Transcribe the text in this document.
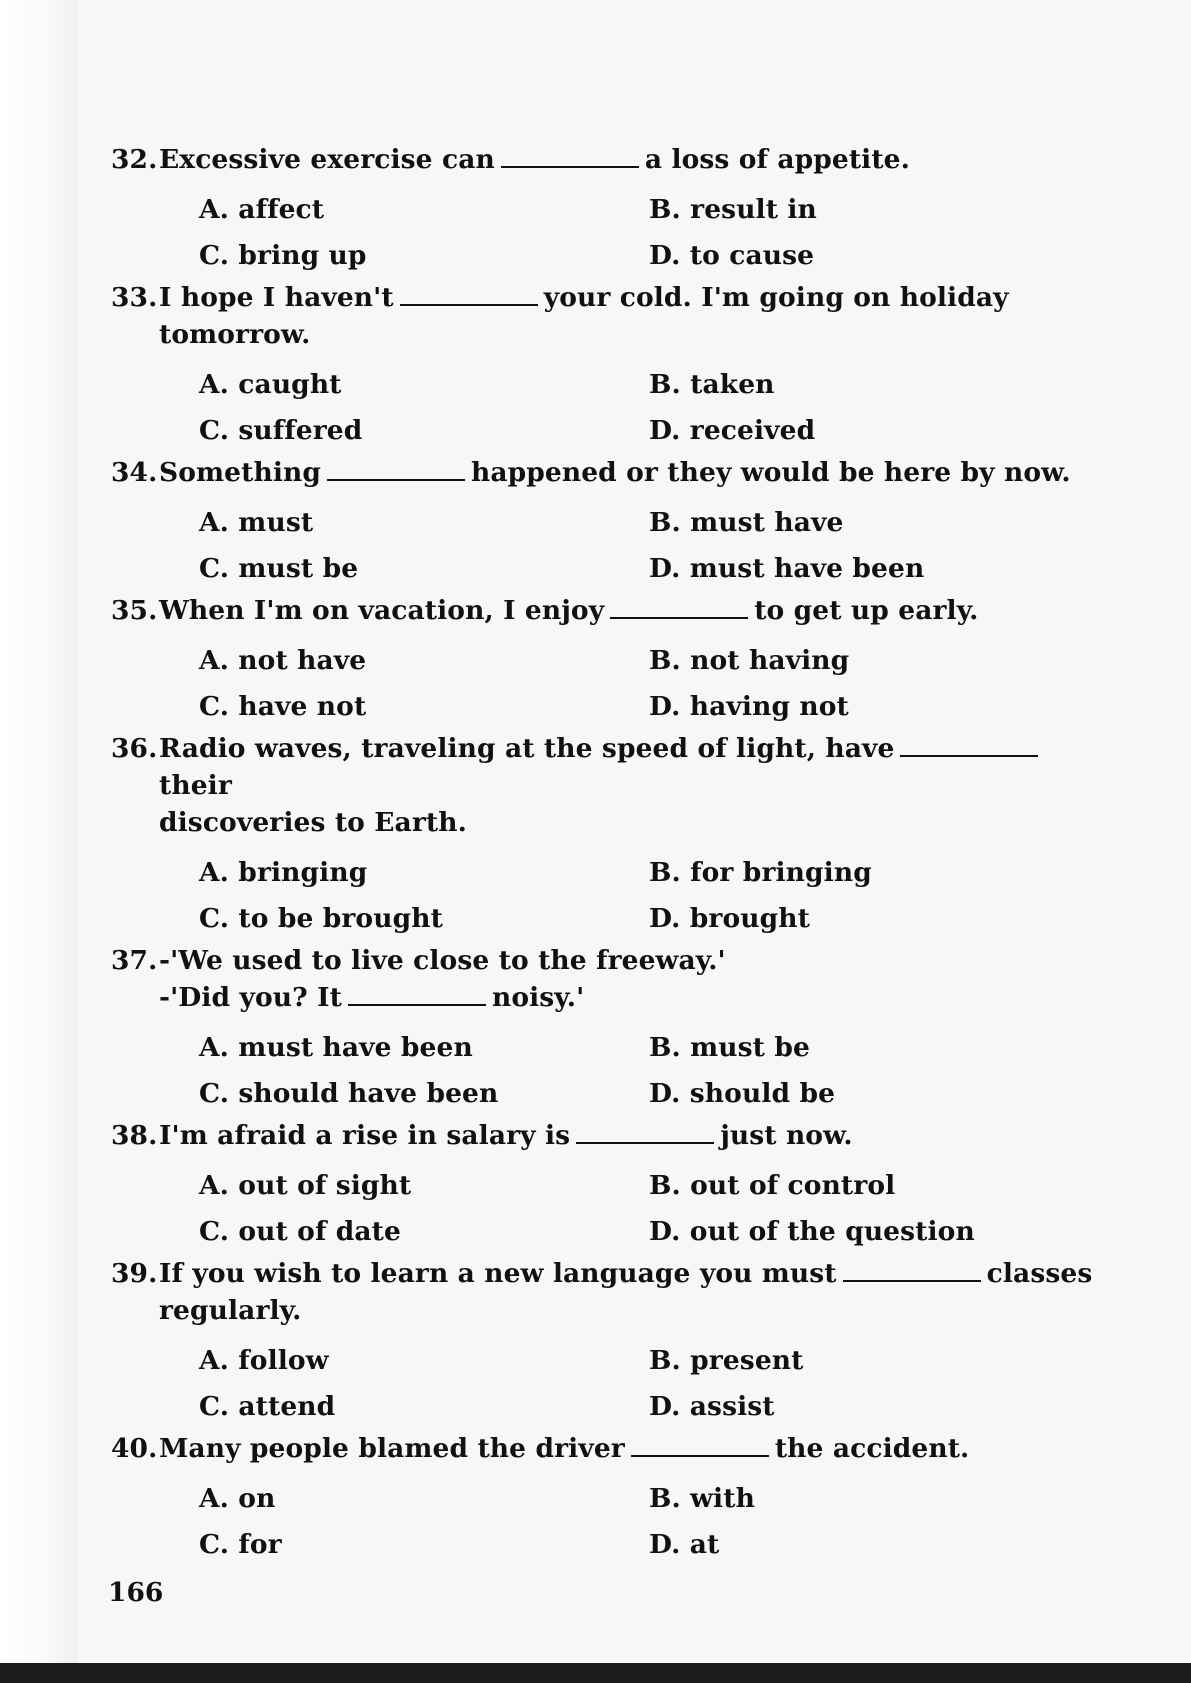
32. Excessive exercise can	a loss of appetite.
A. affect	B. result in
C. bring up	D. to cause
33. I hope I haven't	your cold. I'm going on holiday tomorrow.
A. caught	B. taken
C. suffered	D. received
34. Something	happened or they would be here by now.
A. must	B. must have
C. must be	D. must have been
35. When I'm on vacation, I enjoy	to get up early.
A. not have	B. not having
C. have not	D. having not
36. Radio waves, traveling at the speed of light, havetheir
discoveries to Earth.
A. bringing	B. for bringing
C. to be brought	D. brought
37. -'We used to live close to the freeway.'
-'Did you? It	noisy.'
A. must have been	B. must be
C. should have been	D. should be
38. I'm afraid a rise in salary is	just now.
A. out of sight	B. out of control
C. out of date	D. out of the question
39. If you wish to learn a new language you must	classes
regularly.
A. follow	B. present
C. attend	D. assist
40. Many people blamed the driver	the accident.
A. on	B. with
C. for	D. at
166
